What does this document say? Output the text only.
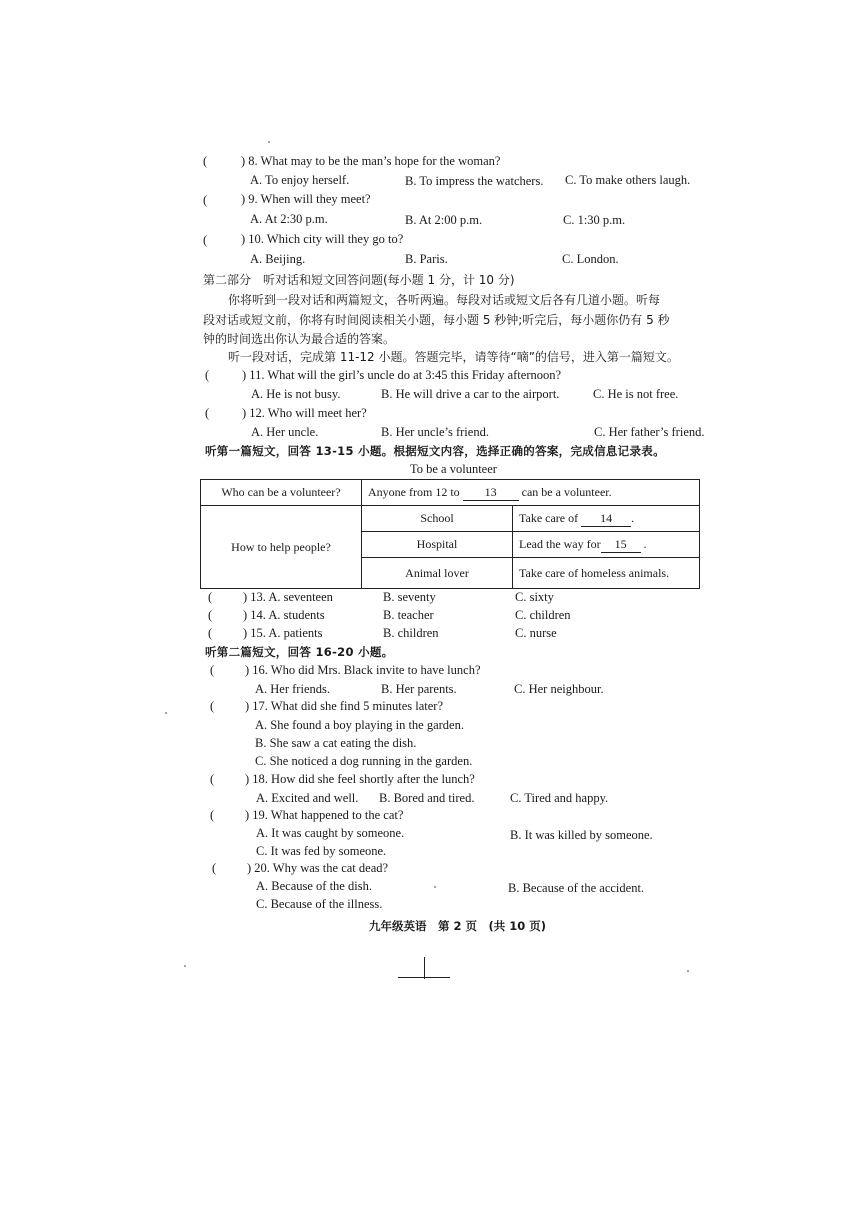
(	) 8. What may to be the man’s hope for the woman?
A. To enjoy herself.	B. To impress the watchers. C. To make others laugh.
(	) 9. When will they meet?
A. At 2:30 p.m.	B. At 2:00 p.m.	C. 1:30 p.m.
(	) 10. Which city will they go to?
A. Beijing.	B. Paris.	C. London.
第二部分　听对话和短文回答问题(每小题 1 分，计 10 分)
你将听到一段对话和两篇短文，各听两遍。每段对话或短文后各有几道小题。听每
段对话或短文前，你将有时间阅读相关小题，每小题 5 秒钟;听完后，每小题你仍有 5 秒
钟的时间选出你认为最合适的答案。
听一段对话，完成第 11-12 小题。答题完毕，请等待“嘀”的信号，进入第一篇短文。
(	) 11. What will the girl’s uncle do at 3:45 this Friday afternoon?
A. He is not busy.	B. He will drive a car to the airport.	C. He is not free.
(	) 12. Who will meet her?
A. Her uncle.	B. Her uncle’s friend.	C. Her father’s friend.
听第一篇短文，回答 13-15 小题。根据短文内容，选择正确的答案，完成信息记录表。
To be a volunteer
Who can be a volunteer?	Anyone from 12 to 13 can be a volunteer.	
How to help people?	School	Take care of 14 .
	Hospital	Lead the way for 15 .
	Animal lover	Take care of homeless animals.
( ) 13. A. seventeen	B. seventy	C. sixty
( ) 14. A. students	B. teacher	C. children
( ) 15. A. patients	B. children	C. nurse
听第二篇短文，回答 16-20 小题。
( ) 16. Who did Mrs. Black invite to have lunch?
A. Her friends.	B. Her parents.	C. Her neighbour.
( ) 17. What did she find 5 minutes later?
A. She found a boy playing in the garden.
B. She saw a cat eating the dish.
C. She noticed a dog running in the garden.
( ) 18. How did she feel shortly after the lunch?
A. Excited and well. B. Bored and tired.	C. Tired and happy.
( ) 19. What happened to the cat?
A. It was caught by someone.	B. It was killed by someone.
C. It was fed by someone.
( ) 20. Why was the cat dead?
A. Because of the dish.	B. Because of the accident.
C. Because of the illness.
九年级英语　第 2 页　(共 10 页)
